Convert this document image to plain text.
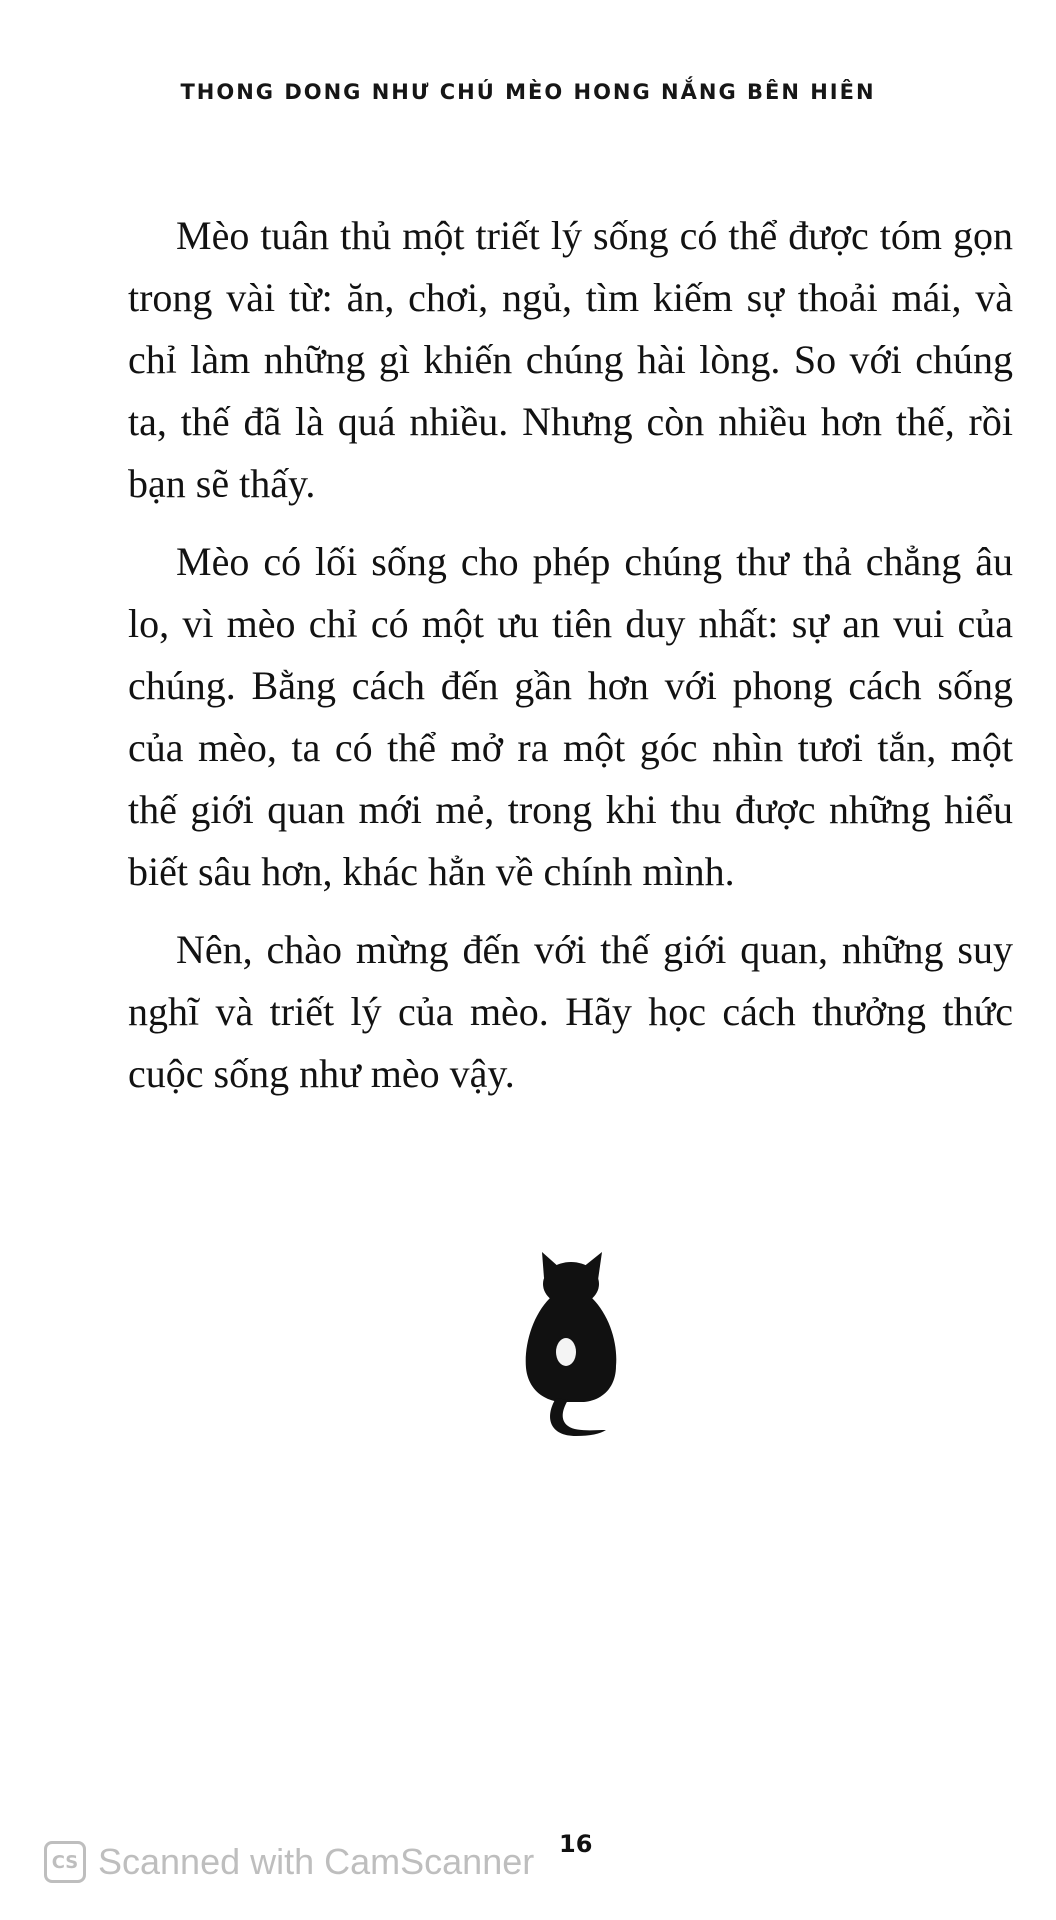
THONG DONG NHƯ CHÚ MÈO HONG NẮNG BÊN HIÊN

Mèo tuân thủ một triết lý sống có thể được tóm gọn trong vài từ: ăn, chơi, ngủ, tìm kiếm sự thoải mái, và chỉ làm những gì khiến chúng hài lòng. So với chúng ta, thế đã là quá nhiều. Nhưng còn nhiều hơn thế, rồi bạn sẽ thấy.

Mèo có lối sống cho phép chúng thư thả chẳng âu lo, vì mèo chỉ có một ưu tiên duy nhất: sự an vui của chúng. Bằng cách đến gần hơn với phong cách sống của mèo, ta có thể mở ra một góc nhìn tươi tắn, một thế giới quan mới mẻ, trong khi thu được những hiểu biết sâu hơn, khác hẳn về chính mình.

Nên, chào mừng đến với thế giới quan, những suy nghĩ và triết lý của mèo. Hãy học cách thưởng thức cuộc sống như mèo vậy.

16
CS Scanned with CamScanner
